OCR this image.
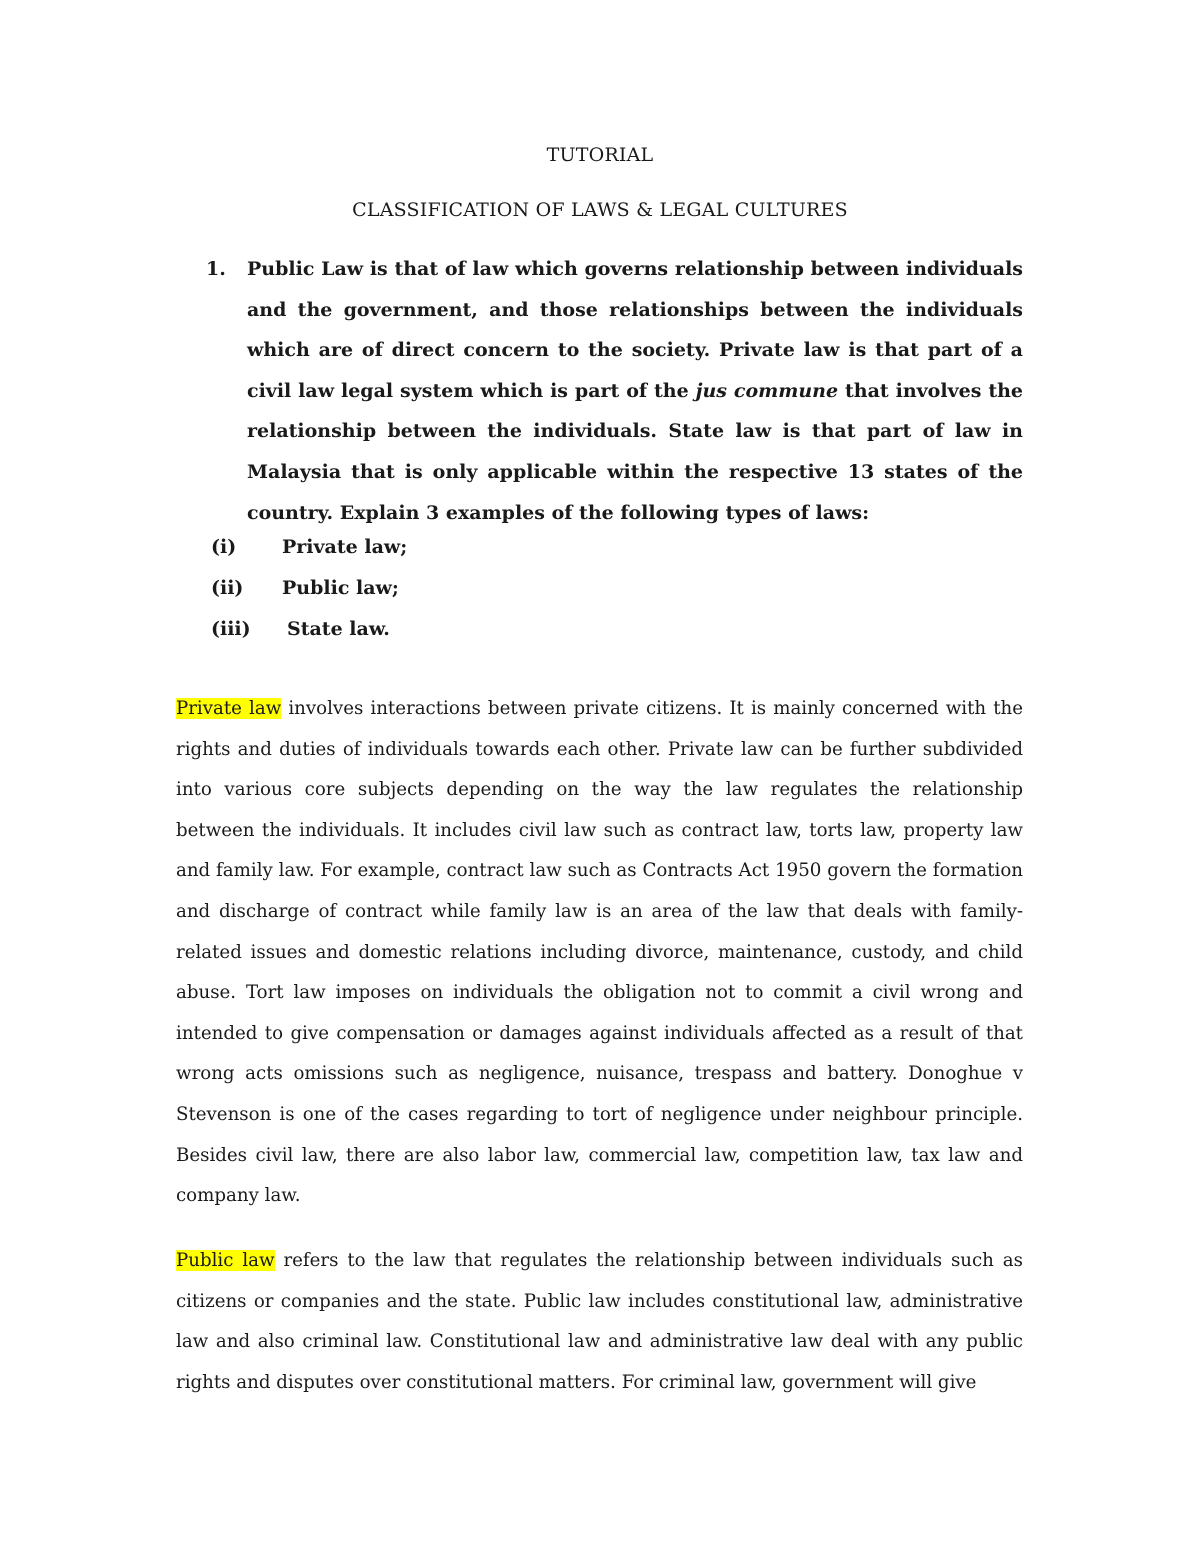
TUTORIAL
CLASSIFICATION OF LAWS & LEGAL CULTURES
1. Public Law is that of law which governs relationship between individuals and the government, and those relationships between the individuals which are of direct concern to the society. Private law is that part of a civil law legal system which is part of the jus commune that involves the relationship between the individuals. State law is that part of law in Malaysia that is only applicable within the respective 13 states of the country. Explain 3 examples of the following types of laws:

(i) Private law;
(ii) Public law;
(iii) State law.

Private law involves interactions between private citizens. It is mainly concerned with the rights and duties of individuals towards each other. Private law can be further subdivided into various core subjects depending on the way the law regulates the relationship between the individuals. It includes civil law such as contract law, torts law, property law and family law. For example, contract law such as Contracts Act 1950 govern the formation and discharge of contract while family law is an area of the law that deals with family-related issues and domestic relations including divorce, maintenance, custody, and child abuse. Tort law imposes on individuals the obligation not to commit a civil wrong and intended to give compensation or damages against individuals affected as a result of that wrong acts omissions such as negligence, nuisance, trespass and battery. Donoghue v Stevenson is one of the cases regarding to tort of negligence under neighbour principle. Besides civil law, there are also labor law, commercial law, competition law, tax law and company law.

Public law refers to the law that regulates the relationship between individuals such as citizens or companies and the state. Public law includes constitutional law, administrative law and also criminal law. Constitutional law and administrative law deal with any public rights and disputes over constitutional matters. For criminal law, government will give
